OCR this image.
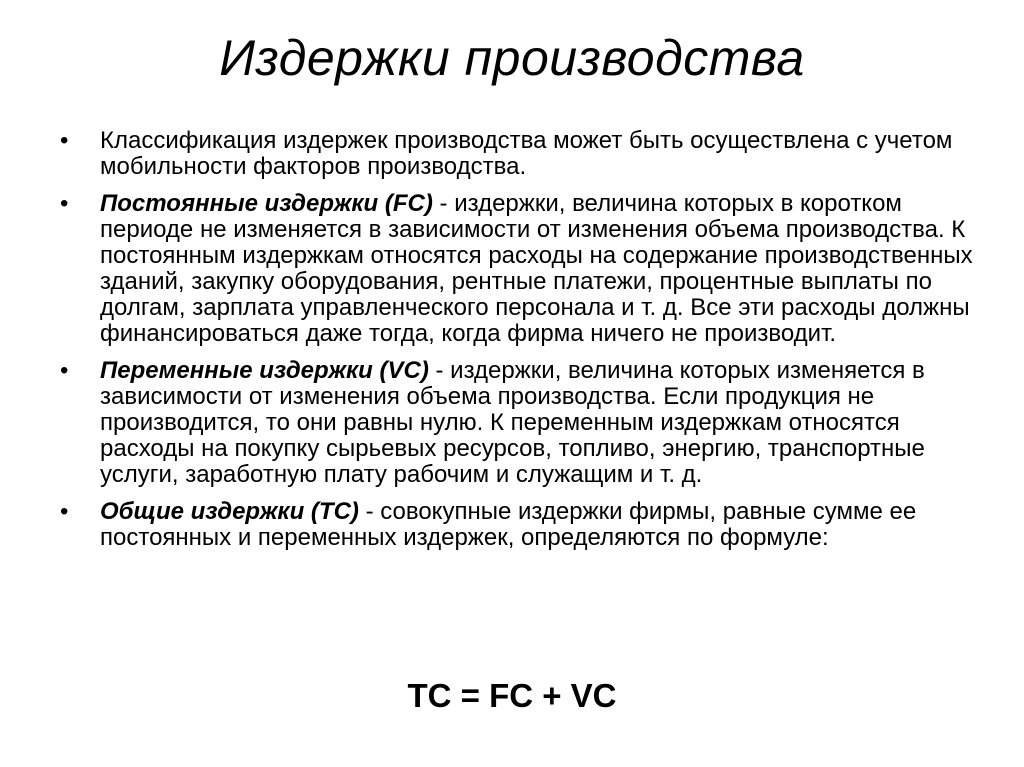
Издержки производства
•	Классификация издержек производства может быть осуществлена с учетом мобильности факторов производства.
•	Постоянные издержки (FC) - издержки, величина которых в коротком периоде не изменяется в зависимости от изменения объема производства. К постоянным издержкам относятся расходы на содержание производственных зданий, закупку оборудования, рентные платежи, процентные выплаты по долгам, зарплата управленческого персонала и т. д. Все эти расходы должны финансироваться даже тогда, когда фирма ничего не производит.
•	Переменные издержки (VC) - издержки, величина которых изменяется в зависимости от изменения объема производства. Если продукция не производится, то они равны нулю. К переменным издержкам относятся расходы на покупку сырьевых ресурсов, топливо, энергию, транспортные услуги, заработную плату рабочим и служащим и т. д.
•	Общие издержки (TC) - совокупные издержки фирмы, равные сумме ее постоянных и переменных издержек, определяются по формуле:
TC = FC + VC
